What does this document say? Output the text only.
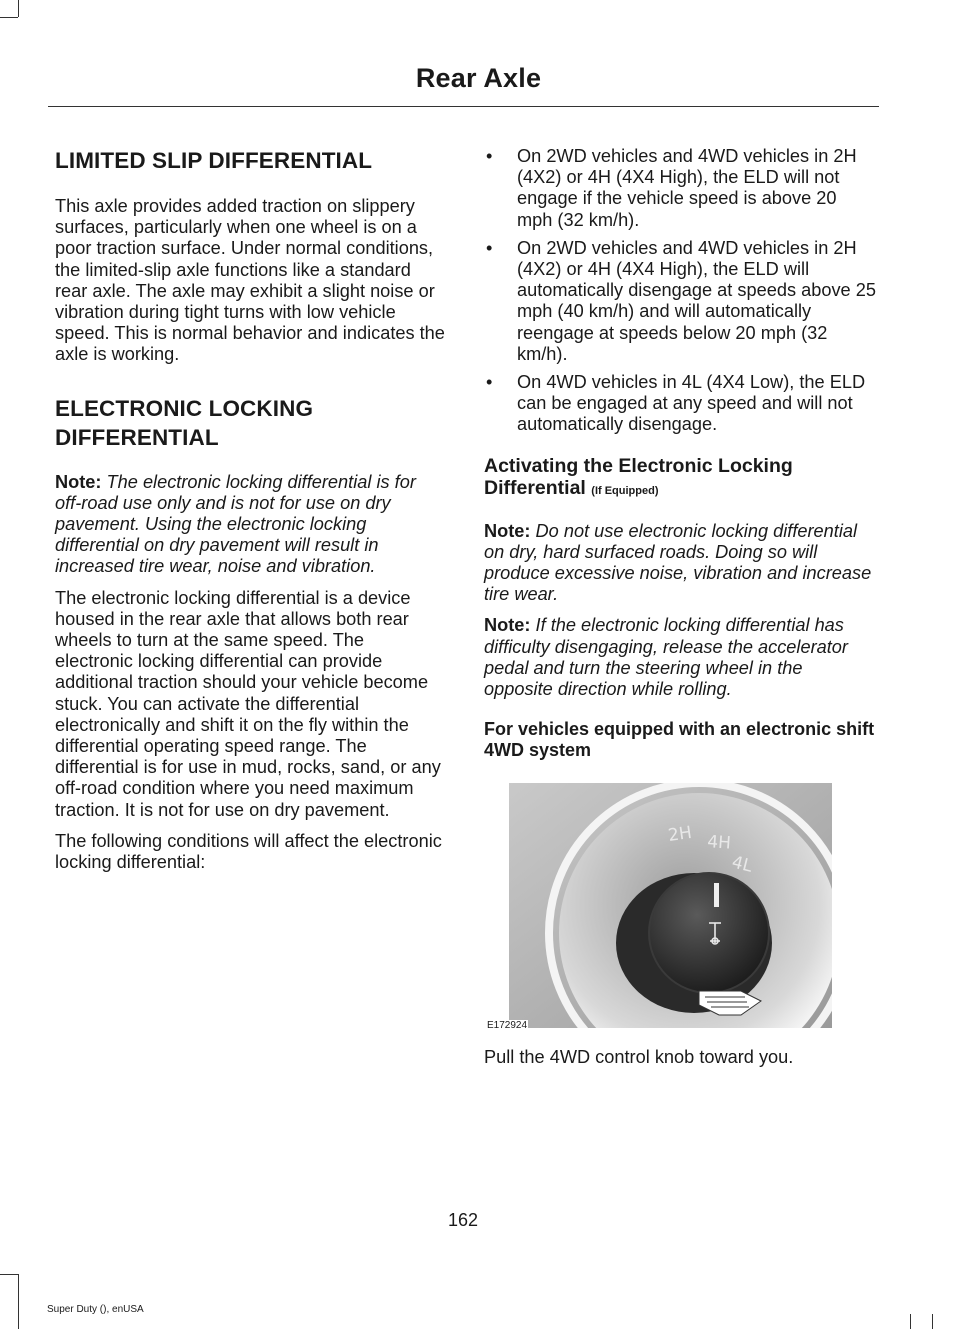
Rear Axle
LIMITED SLIP DIFFERENTIAL

This axle provides added traction on slippery surfaces, particularly when one wheel is on a poor traction surface. Under normal conditions, the limited-slip axle functions like a standard rear axle. The axle may exhibit a slight noise or vibration during tight turns with low vehicle speed. This is normal behavior and indicates the axle is working.

ELECTRONIC LOCKING
DIFFERENTIAL

Note: The electronic locking differential is for off-road use only and is not for use on dry pavement. Using the electronic locking differential on dry pavement will result in increased tire wear, noise and vibration.

The electronic locking differential is a device housed in the rear axle that allows both rear wheels to turn at the same speed. The electronic locking differential can provide additional traction should your vehicle become stuck. You can activate the differential electronically and shift it on the fly within the differential operating speed range. The differential is for use in mud, rocks, sand, or any off-road condition where you need maximum traction. It is not for use on dry pavement.

The following conditions will affect the electronic locking differential:

• On 2WD vehicles and 4WD vehicles in 2H (4X2) or 4H (4X4 High), the ELD will not engage if the vehicle speed is above 20 mph (32 km/h).
• On 2WD vehicles and 4WD vehicles in 2H (4X2) or 4H (4X4 High), the ELD will automatically disengage at speeds above 25 mph (40 km/h) and will automatically reengage at speeds below 20 mph (32 km/h).
• On 4WD vehicles in 4L (4X4 Low), the ELD can be engaged at any speed and will not automatically disengage.
Activating the Electronic Locking Differential (If Equipped)

Note: Do not use electronic locking differential on dry, hard surfaced roads. Doing so will produce excessive noise, vibration and increase tire wear.

Note: If the electronic locking differential has difficulty disengaging, release the accelerator pedal and turn the steering wheel in the opposite direction while rolling.

For vehicles equipped with an electronic shift 4WD system
2H 4H
4L
E172924

Pull the 4WD control knob toward you.

162
Super Duty (), enUSA
